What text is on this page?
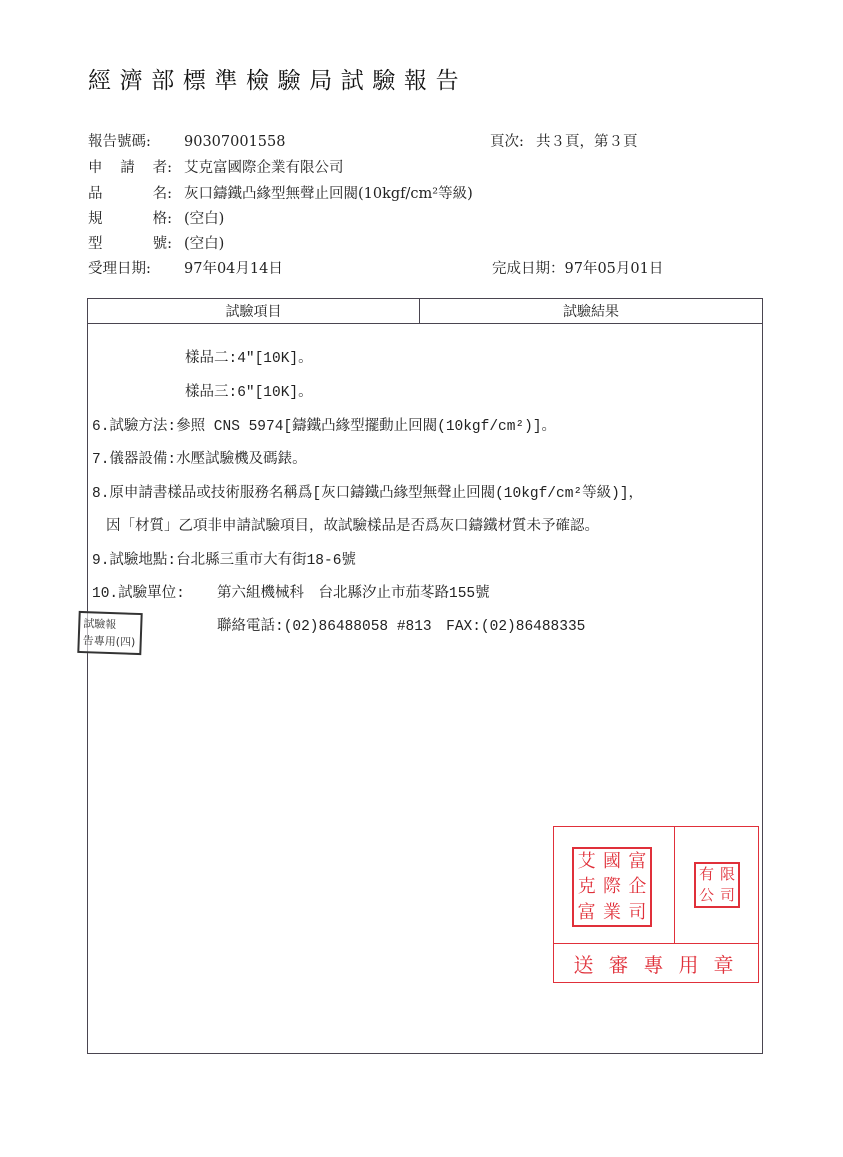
經濟部標準檢驗局試驗報告
報告號碼: 90307001558	頁次: 共３頁，第３頁
申 請 者: 艾克富國際企業有限公司
品	名: 灰口鑄鐵凸緣型無聲止回閥(10kgf/cm²等級)
規	格: (空白)
型	號: (空白)
受理日期: 97年04月14日	完成日期：97年05月01日
試驗項目	試驗結果
樣品二:4"[10K]。
樣品三:6"[10K]。
6.試驗方法:參照 CNS 5974[鑄鐵凸緣型擺動止回閥(10kgf/cm²)]。
7.儀器設備:水壓試驗機及碼錶。
8.原申請書樣品或技術服務名稱爲[灰口鑄鐵凸緣型無聲止回閥(10kgf/cm²等級)]，
因「材質」乙項非申請試驗項目，故試驗樣品是否爲灰口鑄鐵材質未予確認。
9.試驗地點:台北縣三重市大有街18-6號
10.試驗單位: 第六組機械科　台北縣汐止市茄苳路155號
聯絡電話:(02)86488058 #813　FAX:(02)86488335
試驗報
告專用(四)
艾 國 富
克 際 企
富 業 司
有 限
公 司
送審專用章
